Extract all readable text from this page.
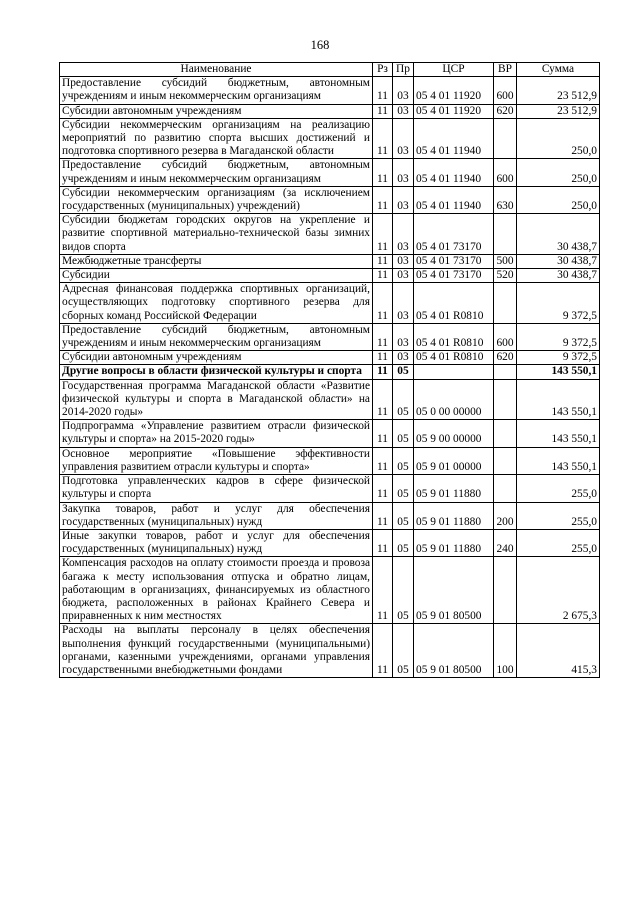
168
Наименование	Рз	Пр	ЦСР	ВР	Сумма
Предоставление субсидий бюджетным, автономным учреждениям и иным некоммерческим организациям	11	03	05 4 01 11920	600	23 512,9
Субсидии автономным учреждениям	11	03	05 4 01 11920	620	23 512,9
Субсидии некоммерческим организациям на реализацию мероприятий по развитию спорта высших достижений и подготовка спортивного резерва в Магаданской области	11	03	05 4 01 11940		250,0
Предоставление субсидий бюджетным, автономным учреждениям и иным некоммерческим организациям	11	03	05 4 01 11940	600	250,0
Субсидии некоммерческим организациям (за исключением государственных (муниципальных) учреждений)	11	03	05 4 01 11940	630	250,0
Субсидии бюджетам городских округов на укрепление и развитие спортивной материально-технической базы зимних видов спорта	11	03	05 4 01 73170		30 438,7
Межбюджетные трансферты	11	03	05 4 01 73170	500	30 438,7
Субсидии	11	03	05 4 01 73170	520	30 438,7
Адресная финансовая поддержка спортивных организаций, осуществляющих подготовку спортивного резерва для сборных команд Российской Федерации	11	03	05 4 01 R0810		9 372,5
Предоставление субсидий бюджетным, автономным учреждениям и иным некоммерческим организациям	11	03	05 4 01 R0810	600	9 372,5
Субсидии автономным учреждениям	11	03	05 4 01 R0810	620	9 372,5
Другие вопросы в области физической культуры и спорта	11	05			143 550,1
Государственная программа Магаданской области «Развитие физической культуры и спорта в Магаданской области» на 2014-2020 годы»	11	05	05 0 00 00000		143 550,1
Подпрограмма «Управление развитием отрасли физической культуры и спорта» на 2015-2020 годы»	11	05	05 9 00 00000		143 550,1
Основное мероприятие «Повышение эффективности управления развитием отрасли культуры и спорта»	11	05	05 9 01 00000		143 550,1
Подготовка управленческих кадров в сфере физической культуры и спорта	11	05	05 9 01 11880		255,0
Закупка товаров, работ и услуг для обеспечения государственных (муниципальных) нужд	11	05	05 9 01 11880	200	255,0
Иные закупки товаров, работ и услуг для обеспечения государственных (муниципальных) нужд	11	05	05 9 01 11880	240	255,0
Компенсация расходов на оплату стоимости проезда и провоза багажа к месту использования отпуска и обратно лицам, работающим в организациях, финансируемых из областного бюджета, расположенных в районах Крайнего Севера и приравненных к ним местностях	11	05	05 9 01 80500		2 675,3
Расходы на выплаты персоналу в целях обеспечения выполнения функций государственными (муниципальными) органами, казенными учреждениями, органами управления государственными внебюджетными фондами	11	05	05 9 01 80500	100	415,3
